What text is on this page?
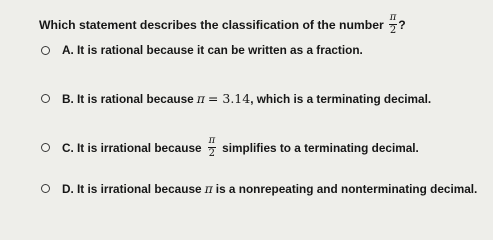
Which statement describes the classification of the number $\frac{\pi}{2}$ ?
A. It is rational because it can be written as a fraction.
B. It is rational because π = 3.14 , which is a terminating decimal.
C. It is irrational because $\frac{\pi}{2}$ simplifies to a terminating decimal.
D. It is irrational because π is a nonrepeating and nonterminating decimal.
